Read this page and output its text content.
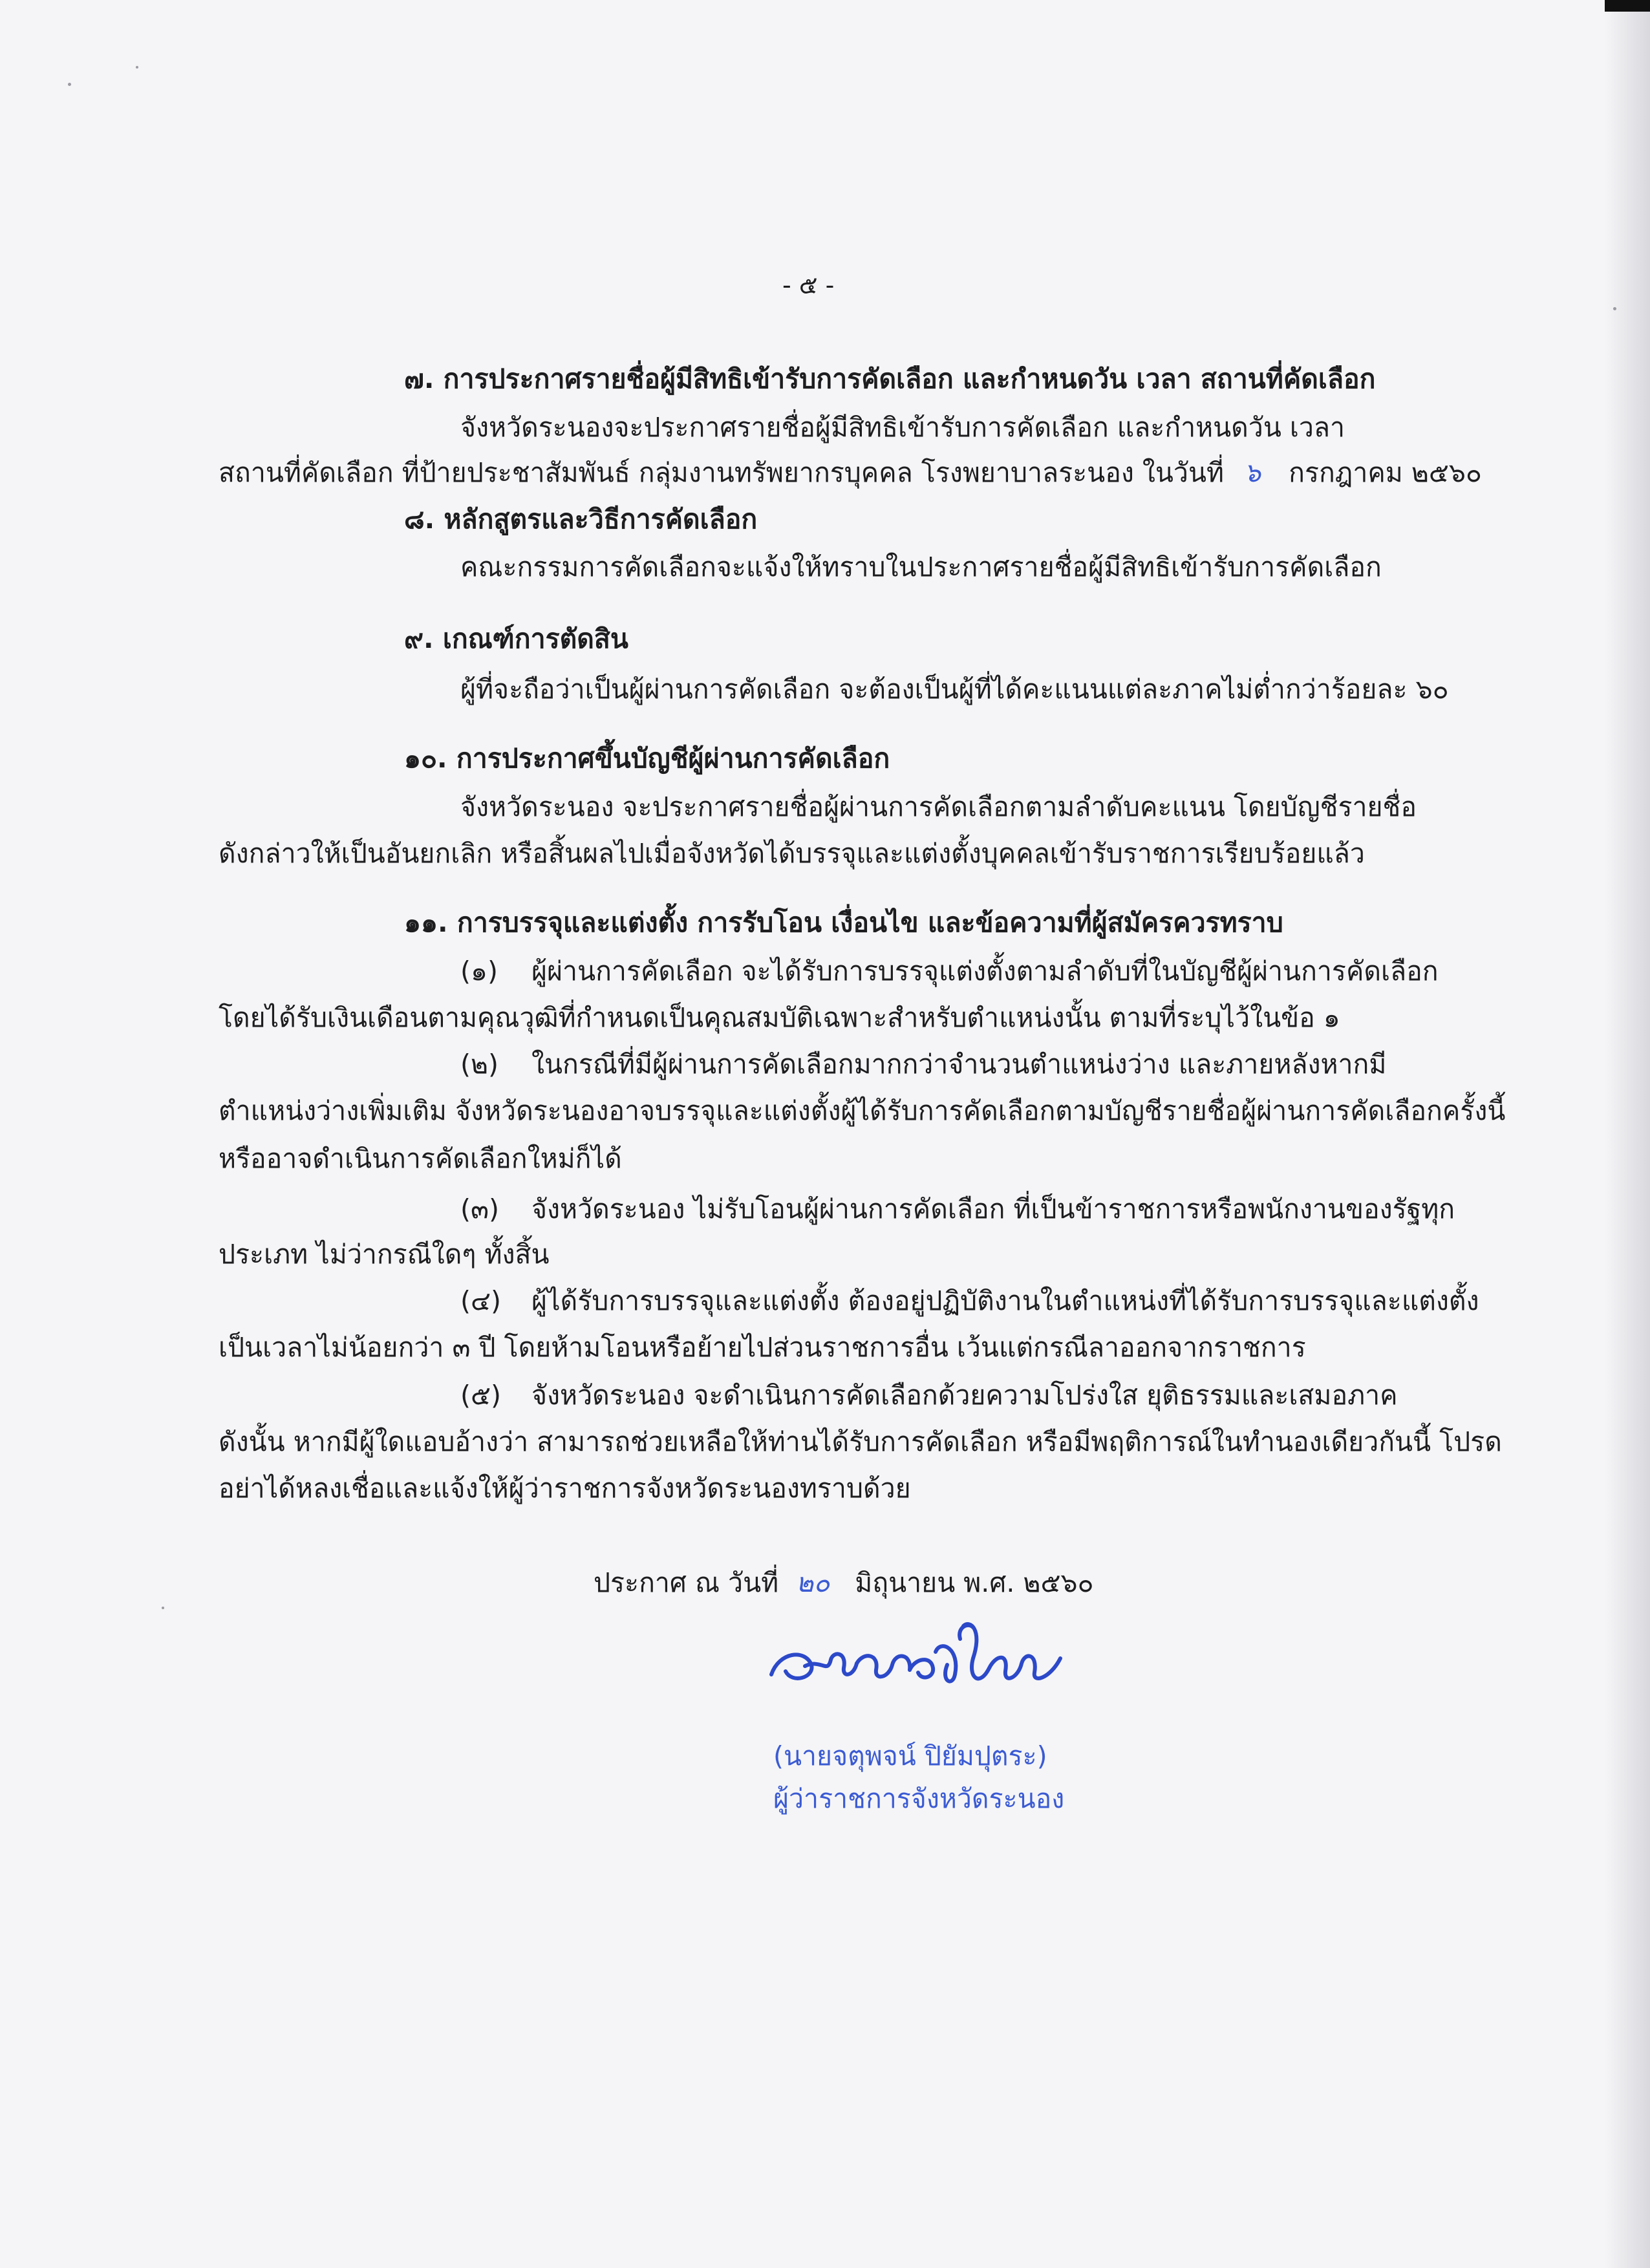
- ๕ -
๗. การประกาศรายชื่อผู้มีสิทธิเข้ารับการคัดเลือก และกำหนดวัน เวลา สถานที่คัดเลือก
จังหวัดระนองจะประกาศรายชื่อผู้มีสิทธิเข้ารับการคัดเลือก และกำหนดวัน เวลา
สถานที่คัดเลือก ที่ป้ายประชาสัมพันธ์ กลุ่มงานทรัพยากรบุคคล โรงพยาบาลระนอง ในวันที่ ๖ กรกฎาคม ๒๕๖๐
๘. หลักสูตรและวิธีการคัดเลือก
คณะกรรมการคัดเลือกจะแจ้งให้ทราบในประกาศรายชื่อผู้มีสิทธิเข้ารับการคัดเลือก
๙. เกณฑ์การตัดสิน
ผู้ที่จะถือว่าเป็นผู้ผ่านการคัดเลือก จะต้องเป็นผู้ที่ได้คะแนนแต่ละภาคไม่ต่ำกว่าร้อยละ ๖๐
๑๐. การประกาศขึ้นบัญชีผู้ผ่านการคัดเลือก
จังหวัดระนอง จะประกาศรายชื่อผู้ผ่านการคัดเลือกตามลำดับคะแนน โดยบัญชีรายชื่อ
ดังกล่าวให้เป็นอันยกเลิก หรือสิ้นผลไปเมื่อจังหวัดได้บรรจุและแต่งตั้งบุคคลเข้ารับราชการเรียบร้อยแล้ว
๑๑. การบรรจุและแต่งตั้ง การรับโอน เงื่อนไข และข้อความที่ผู้สมัครควรทราบ
(๑) ผู้ผ่านการคัดเลือก จะได้รับการบรรจุแต่งตั้งตามลำดับที่ในบัญชีผู้ผ่านการคัดเลือก
โดยได้รับเงินเดือนตามคุณวุฒิที่กำหนดเป็นคุณสมบัติเฉพาะสำหรับตำแหน่งนั้น ตามที่ระบุไว้ในข้อ ๑
(๒) ในกรณีที่มีผู้ผ่านการคัดเลือกมากกว่าจำนวนตำแหน่งว่าง และภายหลังหากมี
ตำแหน่งว่างเพิ่มเติม จังหวัดระนองอาจบรรจุและแต่งตั้งผู้ได้รับการคัดเลือกตามบัญชีรายชื่อผู้ผ่านการคัดเลือกครั้งนี้
หรืออาจดำเนินการคัดเลือกใหม่ก็ได้
(๓) จังหวัดระนอง ไม่รับโอนผู้ผ่านการคัดเลือก ที่เป็นข้าราชการหรือพนักงานของรัฐทุก
ประเภท ไม่ว่ากรณีใดๆ ทั้งสิ้น
(๔) ผู้ได้รับการบรรจุและแต่งตั้ง ต้องอยู่ปฏิบัติงานในตำแหน่งที่ได้รับการบรรจุและแต่งตั้ง
เป็นเวลาไม่น้อยกว่า ๓ ปี โดยห้ามโอนหรือย้ายไปส่วนราชการอื่น เว้นแต่กรณีลาออกจากราชการ
(๕) จังหวัดระนอง จะดำเนินการคัดเลือกด้วยความโปร่งใส ยุติธรรมและเสมอภาค
ดังนั้น หากมีผู้ใดแอบอ้างว่า สามารถช่วยเหลือให้ท่านได้รับการคัดเลือก หรือมีพฤติการณ์ในทำนองเดียวกันนี้ โปรด
อย่าได้หลงเชื่อและแจ้งให้ผู้ว่าราชการจังหวัดระนองทราบด้วย
ประกาศ ณ วันที่ ๒๐ มิถุนายน พ.ศ. ๒๕๖๐
(นายจตุพจน์ ปิยัมปุตระ)
ผู้ว่าราชการจังหวัดระนอง
